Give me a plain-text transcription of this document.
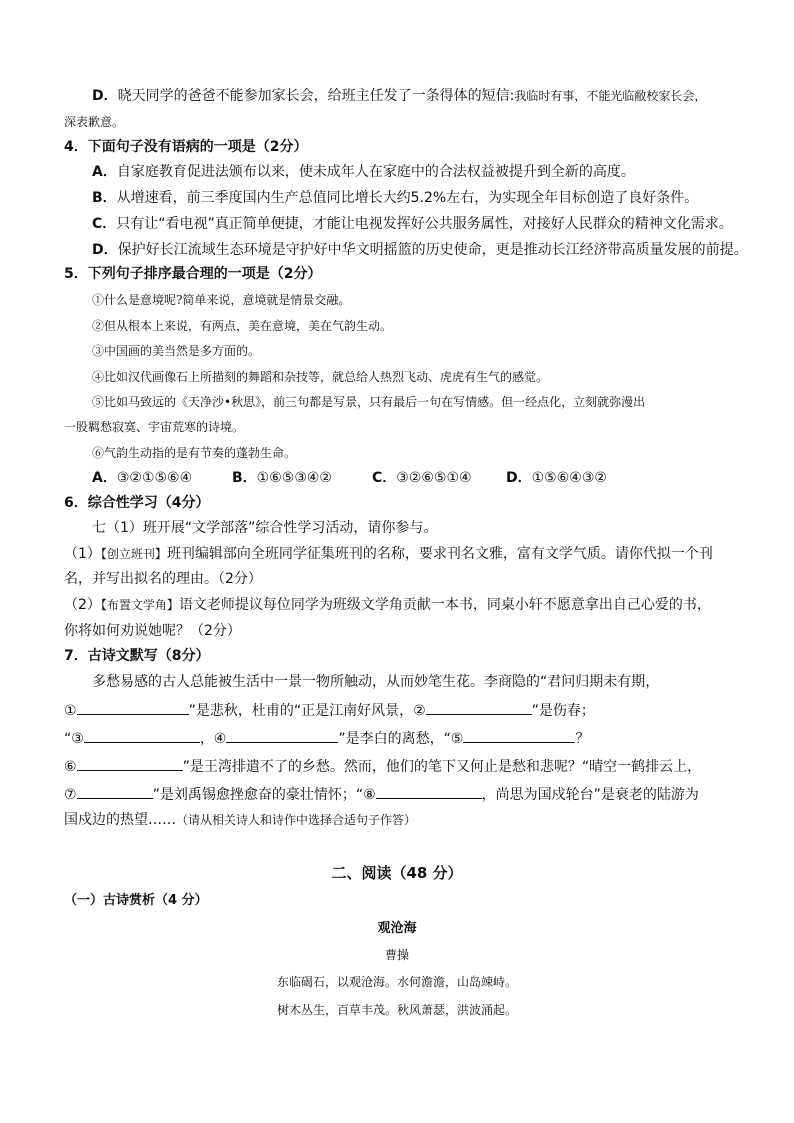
D．晓天同学的爸爸不能参加家长会，给班主任发了一条得体的短信:我临时有事，不能光临敝校家长会，
深表歉意。
4．下面句子没有语病的一项是（2分）
A．自家庭教育促进法颁布以来，使未成年人在家庭中的合法权益被提升到全新的高度。
B．从增速看，前三季度国内生产总值同比增长大约5.2%左右，为实现全年目标创造了良好条件。
C．只有让“看电视”真正简单便捷，才能让电视发挥好公共服务属性，对接好人民群众的精神文化需求。
D．保护好长江流域生态环境是守护好中华文明摇篮的历史使命，更是推动长江经济带高质量发展的前提。
5．下列句子排序最合理的一项是（2分）
①什么是意境呢?简单来说，意境就是情景交融。
②但从根本上来说，有两点，美在意境，美在气韵生动。
③中国画的美当然是多方面的。
④比如汉代画像石上所描刻的舞蹈和杂技等，就总给人热烈飞动、虎虎有生气的感觉。
⑤比如马致远的《天净沙•秋思》，前三句都是写景，只有最后一句在写情感。但一经点化，立刻就弥漫出
一股羁愁寂寞、宇宙荒寒的诗境。
⑥气韵生动指的是有节奏的蓬勃生命。
A．③②①⑤⑥④	B．①⑥⑤③④②	C．③②⑥⑤①④ D．①⑤⑥④③②
6．综合性学习（4分）
七（1）班开展“文学部落”综合性学习活动，请你参与。
（1）【创立班刊】班刊编辑部向全班同学征集班刊的名称，要求刊名文雅，富有文学气质。请你代拟一个刊
名，并写出拟名的理由。（2分）
（2）【布置文学角】语文老师提议每位同学为班级文学角贡献一本书，同桌小轩不愿意拿出自己心爱的书，
你将如何劝说她呢？（2分）
7．古诗文默写（8分）
多愁易感的古人总能被生活中一景一物所触动，从而妙笔生花。李商隐的“君问归期未有期，
①	”是悲秋，杜甫的“正是江南好风景，②	”是伤春；
“③	，④	”是李白的离愁，“⑤	？
⑥	”是王湾排遣不了的乡愁。然而，他们的笔下又何止是愁和悲呢？“晴空一鹤排云上，
⑦	”是刘禹锡愈挫愈奋的豪壮情怀；“⑧	，尚思为国戍轮台”是衰老的陆游为
国戍边的热望……（请从相关诗人和诗作中选择合适句子作答）
二、阅读（48 分）
（一）古诗赏析（4 分）
观沧海
曹操
东临碣石，以观沧海。水何澹澹，山岛竦峙。
树木丛生，百草丰茂。秋风萧瑟，洪波涌起。
